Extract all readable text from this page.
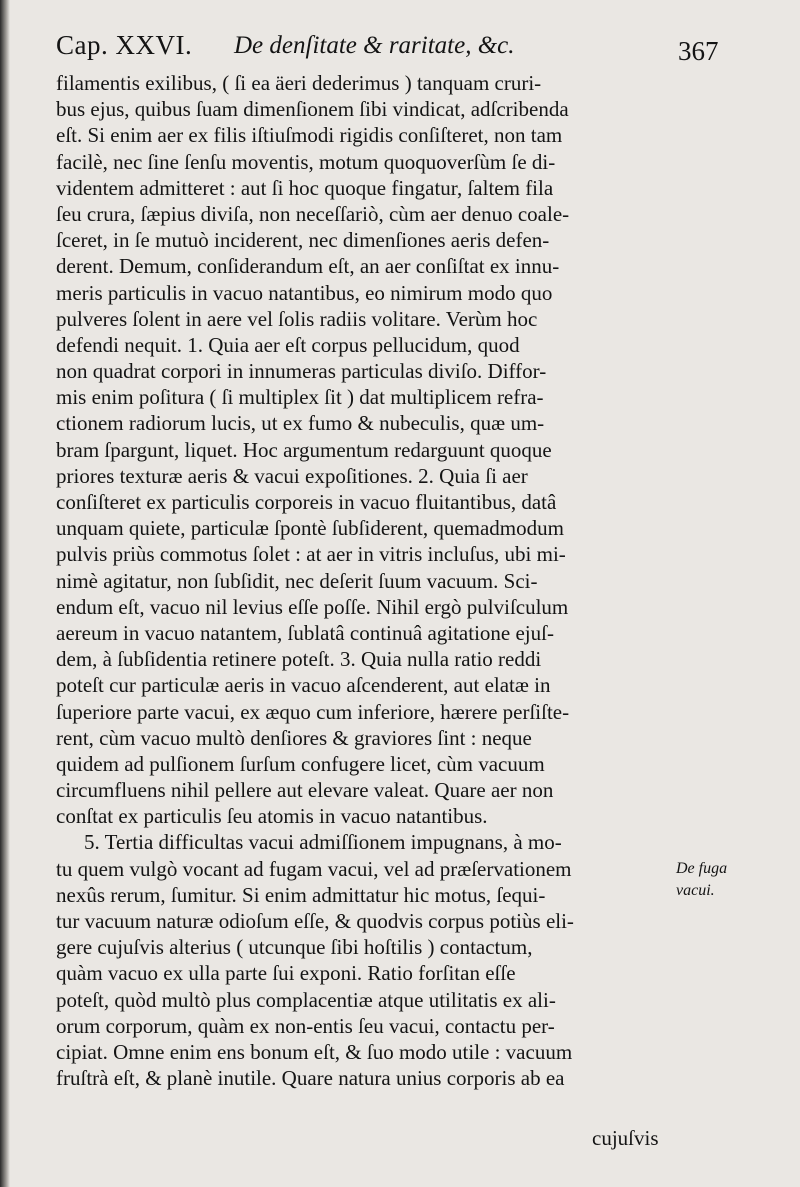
Cap. XXVI. De denſitate & raritate, &c.	367
filamentis exilibus, ( ſi ea äeri dederimus ) tanquam cruri-
bus ejus, quibus ſuam dimenſionem ſibi vindicat, adſcribenda
eſt. Si enim aer ex filis iſtiuſmodi rigidis conſiſteret, non tam
facilè, nec ſine ſenſu moventis, motum quoquoverſùm ſe di-
videntem admitteret : aut ſi hoc quoque fingatur, ſaltem fila
ſeu crura, ſæpius diviſa, non neceſſariò, cùm aer denuo coale-
ſceret, in ſe mutuò inciderent, nec dimenſiones aeris defen-
derent. Demum, conſiderandum eſt, an aer conſiſtat ex innu-
meris particulis in vacuo natantibus, eo nimirum modo quo
pulveres ſolent in aere vel ſolis radiis volitare. Verùm hoc
defendi nequit. 1. Quia aer eſt corpus pellucidum, quod
non quadrat corpori in innumeras particulas diviſo. Diffor-
mis enim poſitura ( ſi multiplex ſit ) dat multiplicem refra-
ctionem radiorum lucis, ut ex fumo & nubeculis, quæ um-
bram ſpargunt, liquet. Hoc argumentum redarguunt quoque
priores texturæ aeris & vacui expoſitiones. 2. Quia ſi aer
conſiſteret ex particulis corporeis in vacuo fluitantibus, datâ
unquam quiete, particulæ ſpontè ſubſiderent, quemadmodum
pulvis priùs commotus ſolet : at aer in vitris incluſus, ubi mi-
nimè agitatur, non ſubſidit, nec deſerit ſuum vacuum. Sci-
endum eſt, vacuo nil levius eſſe poſſe. Nihil ergò pulviſculum
aereum in vacuo natantem, ſublatâ continuâ agitatione ejuſ-
dem, à ſubſidentia retinere poteſt. 3. Quia nulla ratio reddi
poteſt cur particulæ aeris in vacuo aſcenderent, aut elatæ in
ſuperiore parte vacui, ex æquo cum inferiore, hærere perſiſte-
rent, cùm vacuo multò denſiores & graviores ſint : neque
quidem ad pulſionem ſurſum confugere licet, cùm vacuum
circumfluens nihil pellere aut elevare valeat. Quare aer non
conſtat ex particulis ſeu atomis in vacuo natantibus.
5. Tertia difficultas vacui admiſſionem impugnans, à mo-
tu quem vulgò vocant ad fugam vacui, vel ad præſervationem
nexûs rerum, ſumitur. Si enim admittatur hic motus, ſequi-
tur vacuum naturæ odioſum eſſe, & quodvis corpus potiùs eli-
gere cujuſvis alterius ( utcunque ſibi hoſtilis ) contactum,
quàm vacuo ex ulla parte ſui exponi. Ratio forſitan eſſe
poteſt, quòd multò plus complacentiæ atque utilitatis ex ali-
orum corporum, quàm ex non-entis ſeu vacui, contactu per-
cipiat. Omne enim ens bonum eſt, & ſuo modo utile : vacuum
fruſtrà eſt, & planè inutile. Quare natura unius corporis ab ea
De fuga
vacui.
cujuſvis
